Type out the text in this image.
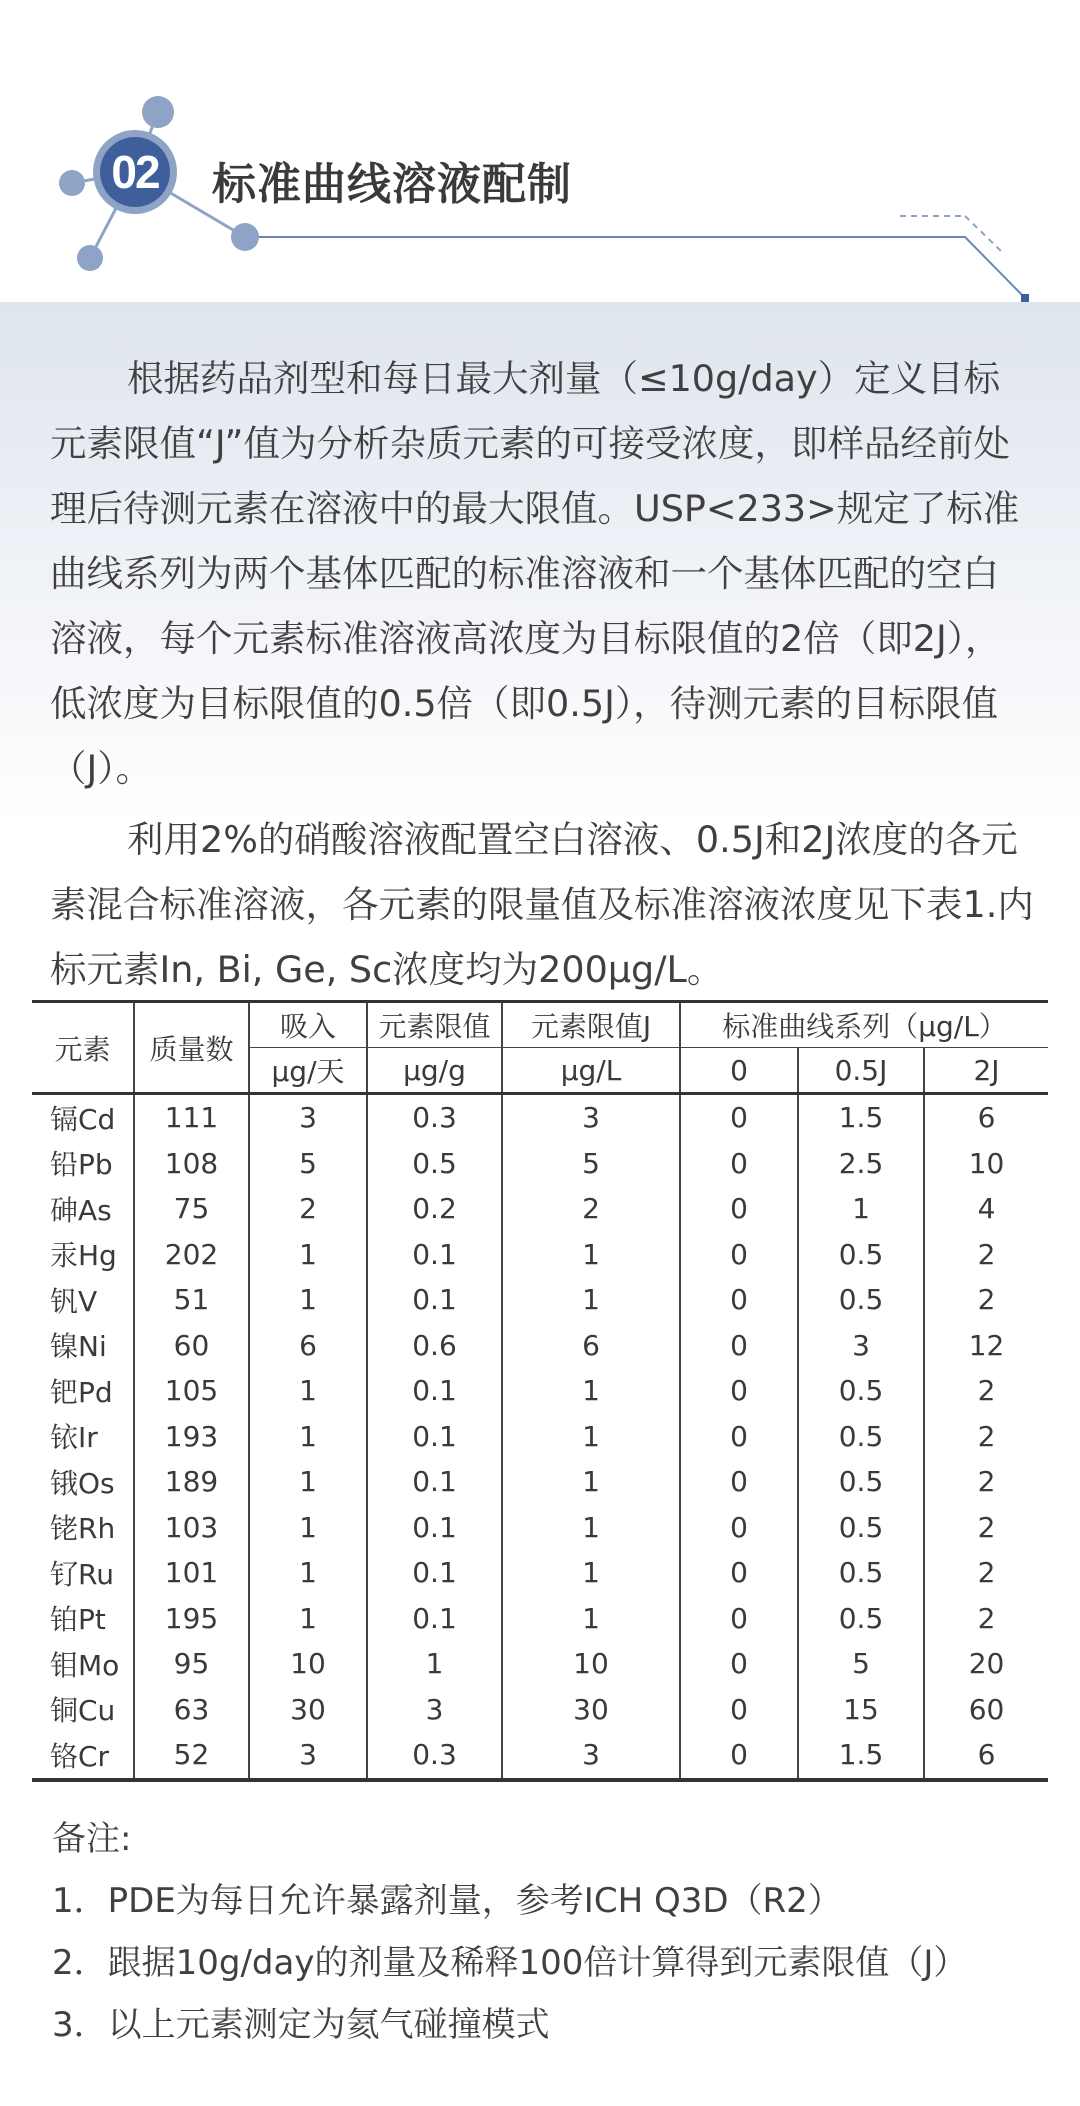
02 标准曲线溶液配制

根据药品剂型和每日最大剂量（≤10g/day）定义目标元素限值“J”值为分析杂质元素的可接受浓度，即样品经前处理后待测元素在溶液中的最大限值。USP<233>规定了标准曲线系列为两个基体匹配的标准溶液和一个基体匹配的空白溶液，每个元素标准溶液高浓度为目标限值的2倍（即2J），低浓度为目标限值的0.5倍（即0.5J），待测元素的目标限值（J）。

利用2%的硝酸溶液配置空白溶液、0.5J和2J浓度的各元素混合标准溶液，各元素的限量值及标准溶液浓度见下表1.内标元素In, Bi, Ge, Sc浓度均为200μg/L。

元素	质量数	吸入	元素限值	元素限值J	标准曲线系列（μg/L）		
		μg/天	μg/g	μg/L	0	0.5J	2J
镉Cd	111	3	0.3	3	0	1.5	6
铅Pb	108	5	0.5	5	0	2.5	10
砷As	75	2	0.2	2	0	1	4
汞Hg	202	1	0.1	1	0	0.5	2
钒V	51	1	0.1	1	0	0.5	2
镍Ni	60	6	0.6	6	0	3	12
钯Pd	105	1	0.1	1	0	0.5	2
铱Ir	193	1	0.1	1	0	0.5	2
锇Os	189	1	0.1	1	0	0.5	2
铑Rh	103	1	0.1	1	0	0.5	2
钌Ru	101	1	0.1	1	0	0.5	2
铂Pt	195	1	0.1	1	0	0.5	2
钼Mo	95	10	1	10	0	5	20
铜Cu	63	30	3	30	0	15	60
铬Cr	52	3	0.3	3	0	1.5	6
备注:
1．PDE为每日允许暴露剂量，参考ICH Q3D（R2）
2．跟据10g/day的剂量及稀释100倍计算得到元素限值（J）
3．以上元素测定为氦气碰撞模式
